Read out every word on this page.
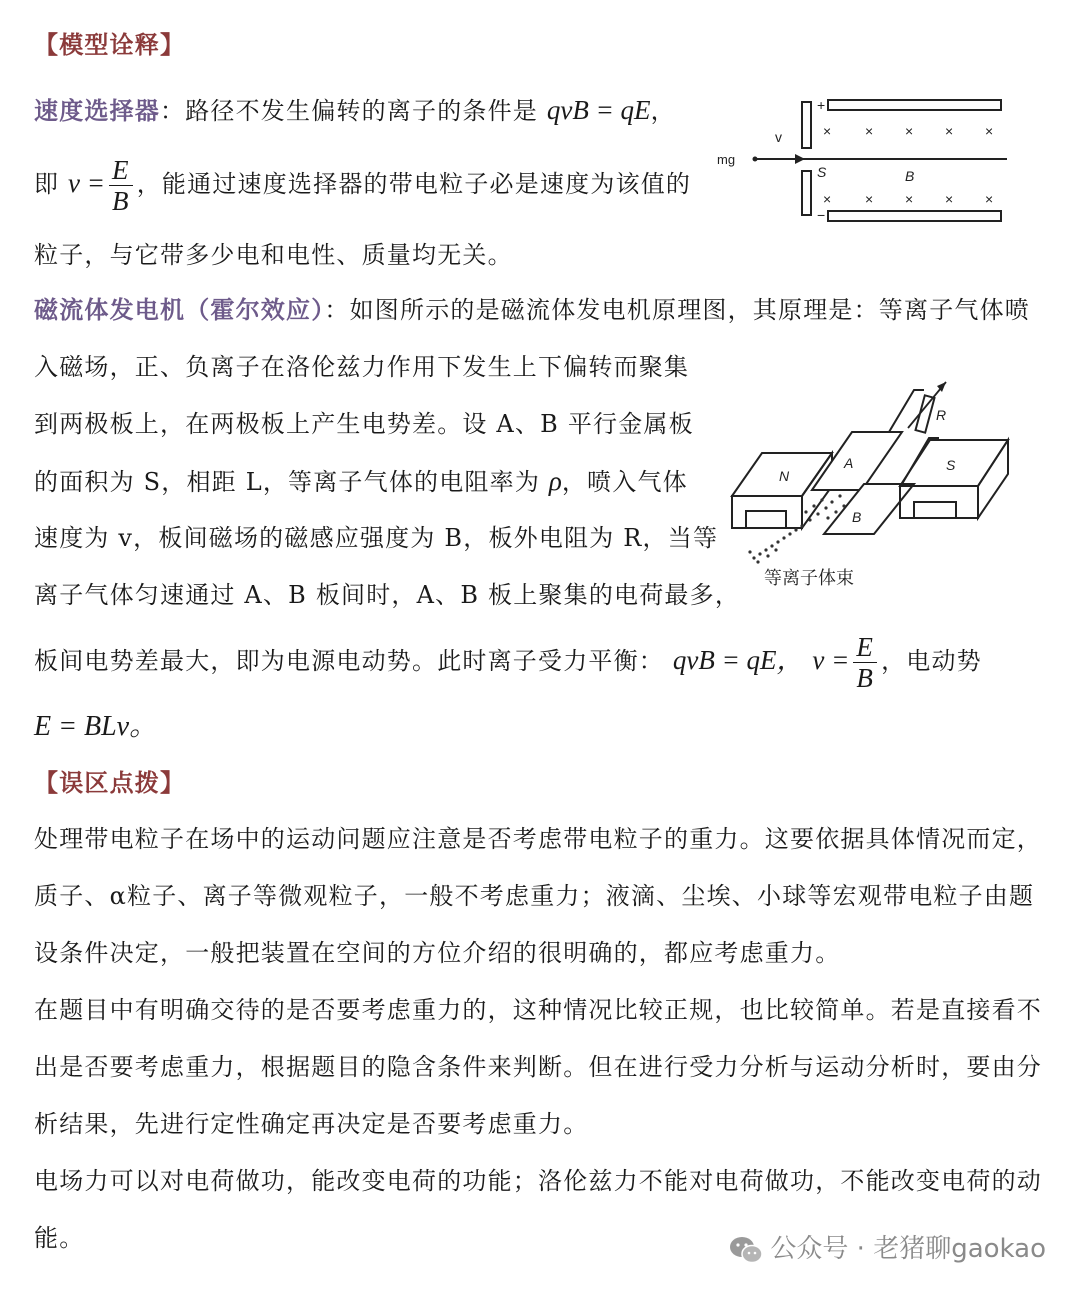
【模型诠释】
速度选择器：路径不发生偏转的离子的条件是 qvB = qE，
即 $v = \frac{E}{B}$ ，能通过速度选择器的带电粒子必是速度为该值的
粒子，与它带多少电和电性、质量均无关。
+
−
v
mg
S	B
× × × × ×
× × × × ×
磁流体发电机（霍尔效应）：如图所示的是磁流体发电机原理图，其原理是：等离子气体喷
入磁场，正、负离子在洛伦兹力作用下发生上下偏转而聚集
到两极板上，在两极板上产生电势差。设 A、B 平行金属板
的面积为 S，相距 L，等离子气体的电阻率为 ρ，喷入气体
速度为 v，板间磁场的磁感应强度为 B，板外电阻为 R，当等
离子气体匀速通过 A、B 板间时，A、B 板上聚集的电荷最多，
板间电势差最大，即为电源电动势。此时离子受力平衡： qvB = qE， $v = \frac{E}{B}$ ，电动势
E = BLv。
N
A
B
R
S
等离子体束
【误区点拨】
处理带电粒子在场中的运动问题应注意是否考虑带电粒子的重力。这要依据具体情况而定，
质子、α粒子、离子等微观粒子，一般不考虑重力；液滴、尘埃、小球等宏观带电粒子由题
设条件决定，一般把装置在空间的方位介绍的很明确的，都应考虑重力。
在题目中有明确交待的是否要考虑重力的，这种情况比较正规，也比较简单。若是直接看不
出是否要考虑重力，根据题目的隐含条件来判断。但在进行受力分析与运动分析时，要由分
析结果，先进行定性确定再决定是否要考虑重力。
电场力可以对电荷做功，能改变电荷的功能；洛伦兹力不能对电荷做功，不能改变电荷的动
能。	公众号 · 老猪聊gaokao
